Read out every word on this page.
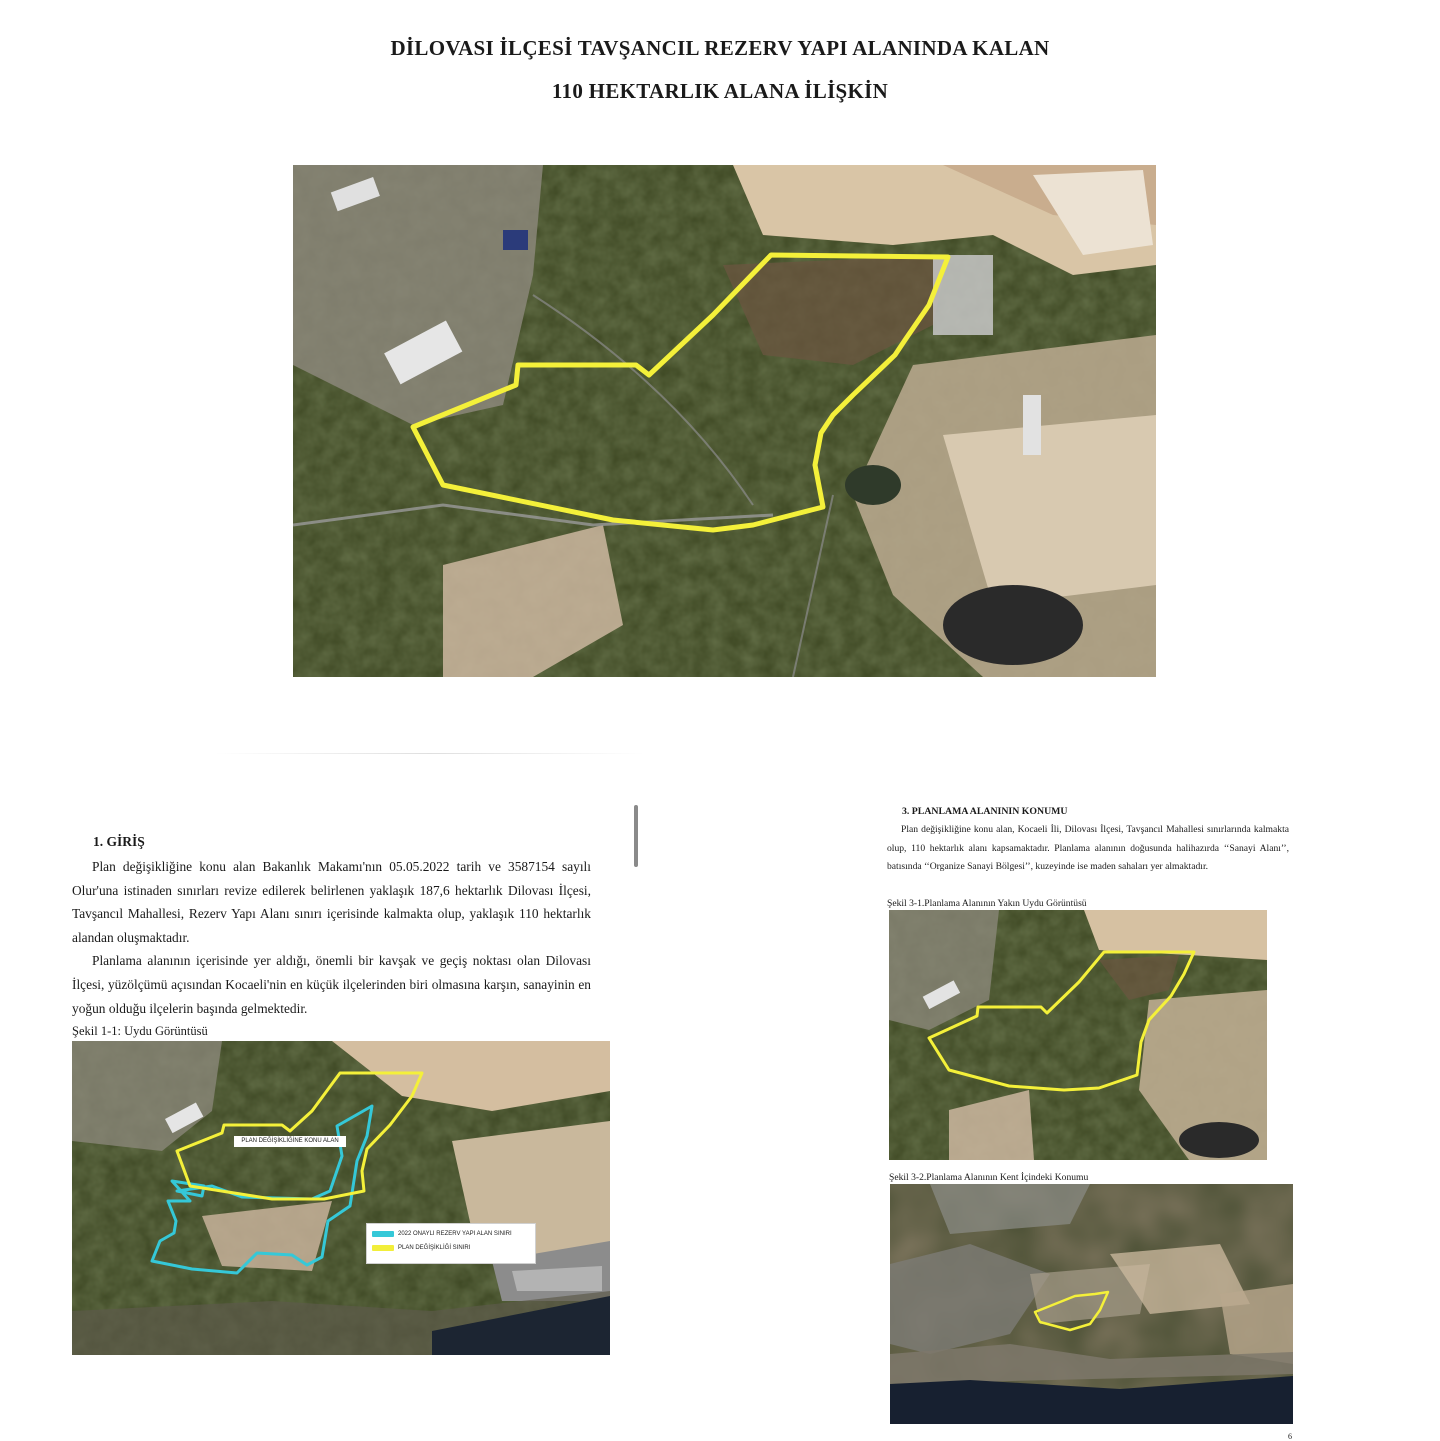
DİLOVASI İLÇESİ TAVŞANCIL REZERV YAPI ALANINDA KALAN
110 HEKTARLIK ALANA İLİŞKİN
1. GİRİŞ

Plan değişikliğine konu alan Bakanlık Makamı'nın 05.05.2022 tarih ve 3587154 sayılı Olur'una istinaden sınırları revize edilerek belirlenen yaklaşık 187,6 hektarlık Dilovası İlçesi, Tavşancıl Mahallesi, Rezerv Yapı Alanı sınırı içerisinde kalmakta olup, yaklaşık 110 hektarlık alandan oluşmaktadır.

Planlama alanının içerisinde yer aldığı, önemli bir kavşak ve geçiş noktası olan Dilovası İlçesi, yüzölçümü açısından Kocaeli'nin en küçük ilçelerinden biri olmasına karşın, sanayinin en yoğun olduğu ilçelerin başında gelmektedir.

Şekil 1-1: Uydu Görüntüsü
PLAN DEĞİŞİKLİĞİNE KONU ALAN
2022 ONAYLI REZERV YAPI ALAN SINIRI
PLAN DEĞİŞİKLİĞİ SINIRI
3. PLANLAMA ALANININ KONUMU

Plan değişikliğine konu alan, Kocaeli İli, Dilovası İlçesi, Tavşancıl Mahallesi sınırlarında kalmakta olup, 110 hektarlık alanı kapsamaktadır. Planlama alanının doğusunda halihazırda ‘‘Sanayi Alanı’’, batısında ‘‘Organize Sanayi Bölgesi’’, kuzeyinde ise maden sahaları yer almaktadır.

Şekil 3-1.Planlama Alanının Yakın Uydu Görüntüsü
Şekil 3-2.Planlama Alanının Kent İçindeki Konumu
6
